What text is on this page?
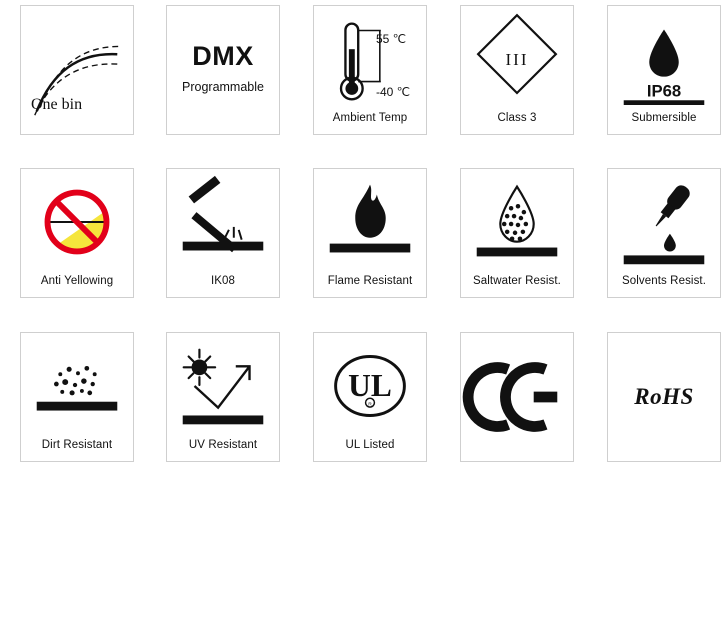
One bin
DMX
Programmable
55 ℃
-40 ℃
Ambient Temp
III
Class 3
IP68
Submersible
Anti Yellowing	IK08	Flame Resistant	Saltwater Resist.	Solvents Resist.
Dirt Resistant	UV Resistant
UL
R
UL Listed
RoHS
